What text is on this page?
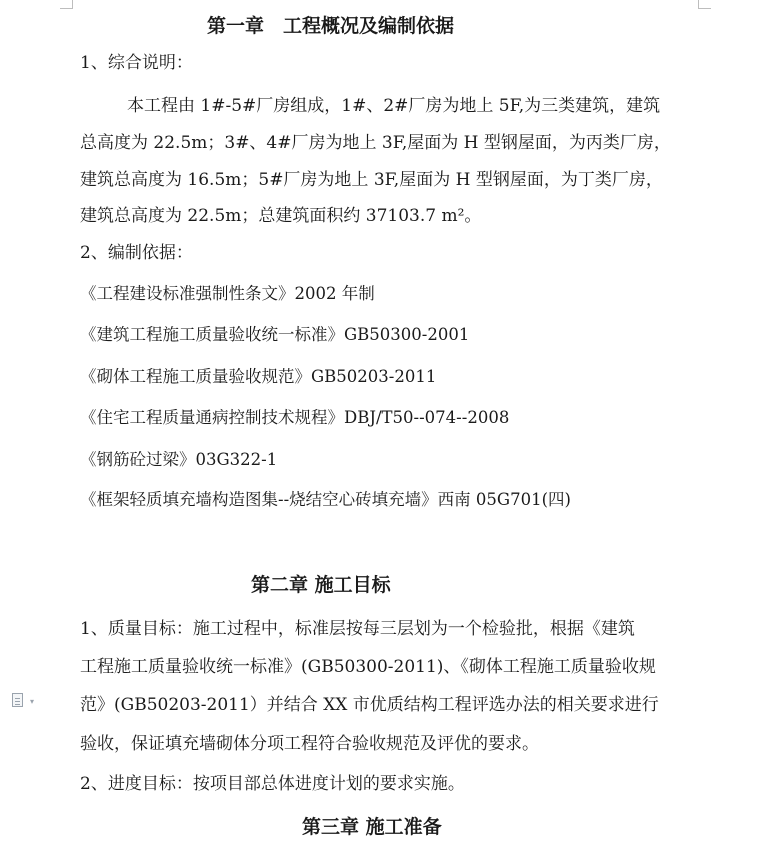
第一章　工程概况及编制依据
1、综合说明：
本工程由 1#-5#厂房组成，1#、2#厂房为地上 5F,为三类建筑，建筑
总高度为 22.5m；3#、4#厂房为地上 3F,屋面为 H 型钢屋面，为丙类厂房，
建筑总高度为 16.5m；5#厂房为地上 3F,屋面为 H 型钢屋面，为丁类厂房，
建筑总高度为 22.5m；总建筑面积约 37103.7 m²。
2、编制依据：
《工程建设标准强制性条文》2002 年制
《建筑工程施工质量验收统一标准》GB50300-2001
《砌体工程施工质量验收规范》GB50203-2011
《住宅工程质量通病控制技术规程》DBJ/T50--074--2008
《钢筋砼过梁》03G322-1
《框架轻质填充墙构造图集--烧结空心砖填充墙》西南 05G701(四)
第二章 施工目标
1、质量目标：施工过程中，标准层按每三层划为一个检验批，根据《建筑
工程施工质量验收统一标准》(GB50300-2011)、《砌体工程施工质量验收规
范》(GB50203-2011）并结合 XX 市优质结构工程评选办法的相关要求进行
验收，保证填充墙砌体分项工程符合验收规范及评优的要求。
2、进度目标：按项目部总体进度计划的要求实施。
第三章 施工准备
▾
